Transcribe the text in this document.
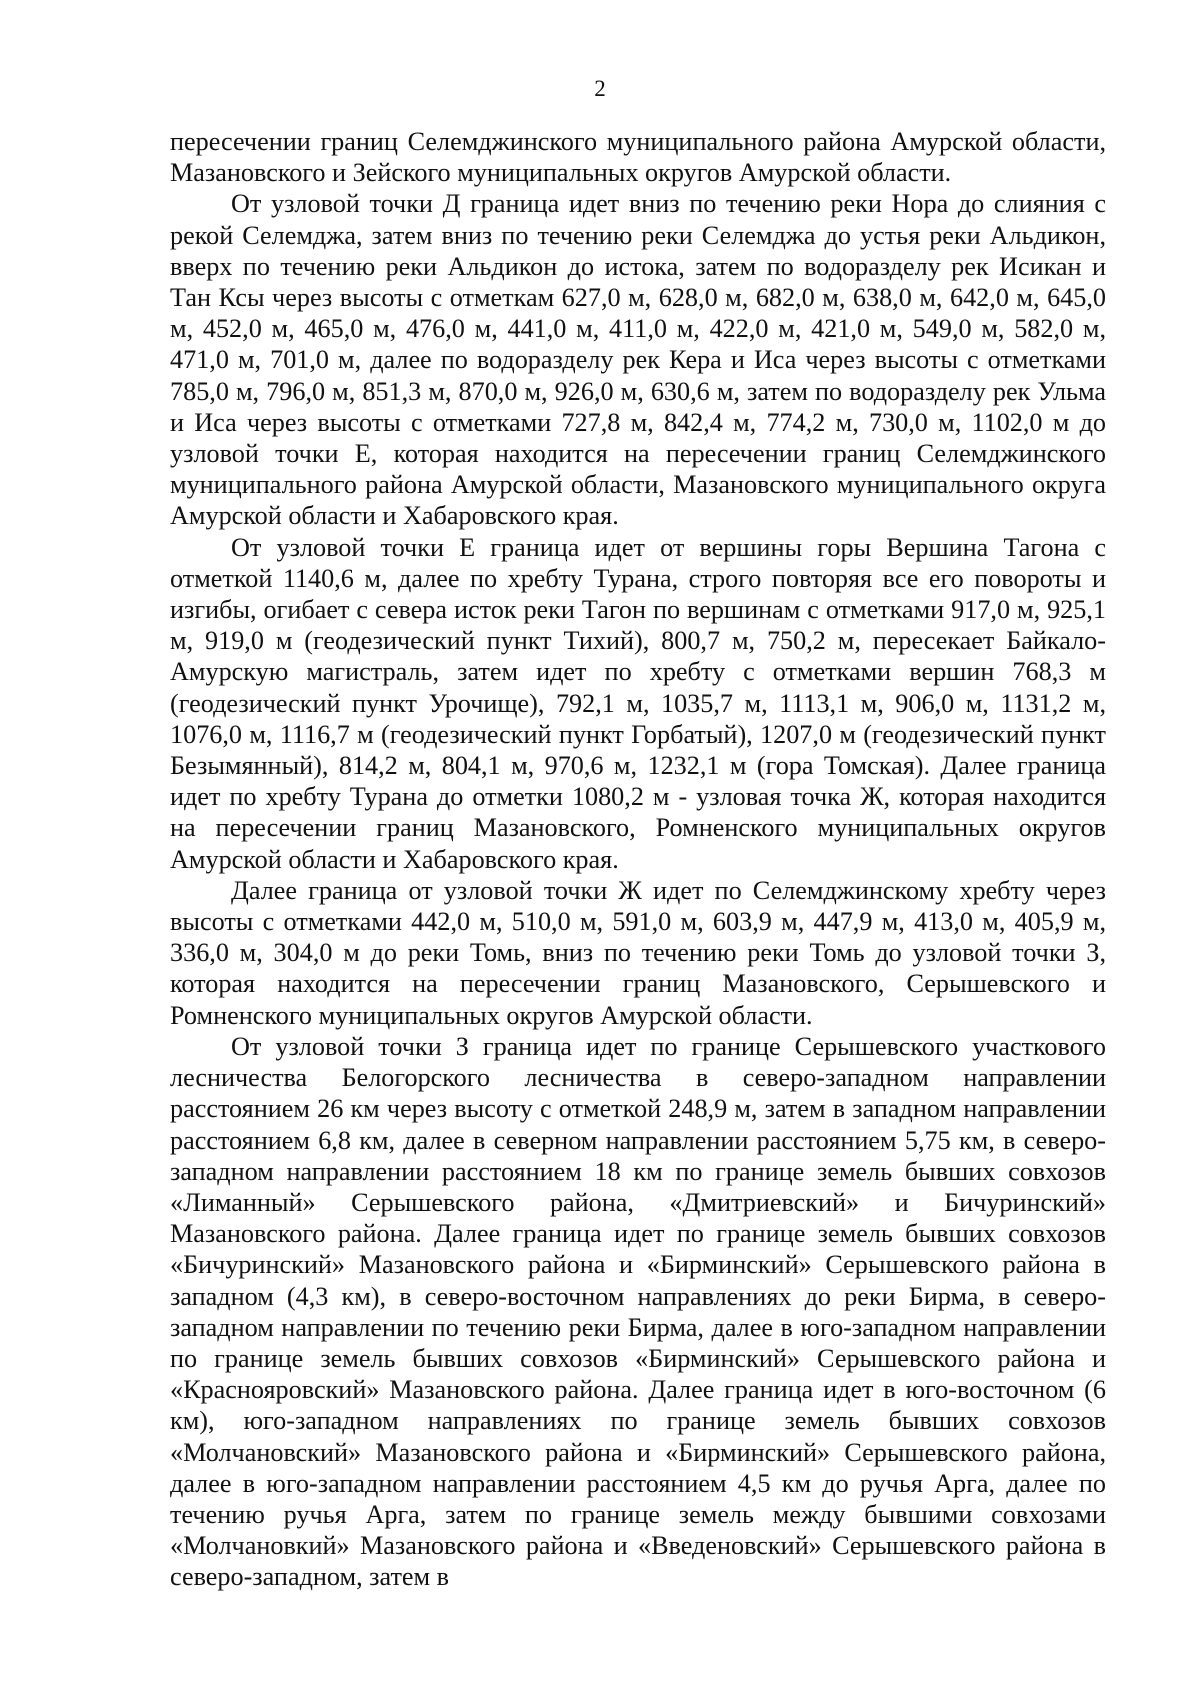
2

пересечении границ Селемджинского муниципального района Амурской области, Мазановского и Зейского муниципальных округов Амурской области.

От узловой точки Д граница идет вниз по течению реки Нора до слияния с рекой Селемджа, затем вниз по течению реки Селемджа до устья реки Альдикон, вверх по течению реки Альдикон до истока, затем по водоразделу рек Исикан и Тан Ксы через высоты с отметкам 627,0 м, 628,0 м, 682,0 м, 638,0 м, 642,0 м, 645,0 м, 452,0 м, 465,0 м, 476,0 м, 441,0 м, 411,0 м, 422,0 м, 421,0 м, 549,0 м, 582,0 м, 471,0 м, 701,0 м, далее по водоразделу рек Кера и Иса через высоты с отметками 785,0 м, 796,0 м, 851,3 м, 870,0 м, 926,0 м, 630,6 м, затем по водоразделу рек Ульма и Иса через высоты с отметками 727,8 м, 842,4 м, 774,2 м, 730,0 м, 1102,0 м до узловой точки Е, которая находится на пересечении границ Селемджинского муниципального района Амурской области, Мазановского муниципального округа Амурской области и Хабаровского края.

От узловой точки Е граница идет от вершины горы Вершина Тагона с отметкой 1140,6 м, далее по хребту Турана, строго повторяя все его повороты и изгибы, огибает с севера исток реки Тагон по вершинам с отметками 917,0 м, 925,1 м, 919,0 м (геодезический пункт Тихий), 800,7 м, 750,2 м, пересекает Байкало-Амурскую магистраль, затем идет по хребту с отметками вершин 768,3 м (геодезический пункт Урочище), 792,1 м, 1035,7 м, 1113,1 м, 906,0 м, 1131,2 м, 1076,0 м, 1116,7 м (геодезический пункт Горбатый), 1207,0 м (геодезический пункт Безымянный), 814,2 м, 804,1 м, 970,6 м, 1232,1 м (гора Томская). Далее граница идет по хребту Турана до отметки 1080,2 м - узловая точка Ж, которая находится на пересечении границ Мазановского, Ромненского муниципальных округов Амурской области и Хабаровского края.

Далее граница от узловой точки Ж идет по Селемджинскому хребту через высоты с отметками 442,0 м, 510,0 м, 591,0 м, 603,9 м, 447,9 м, 413,0 м, 405,9 м, 336,0 м, 304,0 м до реки Томь, вниз по течению реки Томь до узловой точки З, которая находится на пересечении границ Мазановского, Серышевского и Ромненского муниципальных округов Амурской области.

От узловой точки З граница идет по границе Серышевского участкового лесничества Белогорского лесничества в северо-западном направлении расстоянием 26 км через высоту с отметкой 248,9 м, затем в западном направлении расстоянием 6,8 км, далее в северном направлении расстоянием 5,75 км, в северо-западном направлении расстоянием 18 км по границе земель бывших совхозов «Лиманный» Серышевского района, «Дмитриевский» и Бичуринский» Мазановского района. Далее граница идет по границе земель бывших совхозов «Бичуринский» Мазановского района и «Бирминский» Серышевского района в западном (4,3 км), в северо-восточном направлениях до реки Бирма, в северо-западном направлении по течению реки Бирма, далее в юго-западном направлении по границе земель бывших совхозов «Бирминский» Серышевского района и «Краснояровский» Мазановского района. Далее граница идет в юго-восточном (6 км), юго-западном направлениях по границе земель бывших совхозов «Молчановский» Мазановского района и «Бирминский» Серышевского района, далее в юго-западном направлении расстоянием 4,5 км до ручья Арга, далее по течению ручья Арга, затем по границе земель между бывшими совхозами «Молчановкий» Мазановского района и «Введеновский» Серышевского района в северо-западном, затем в
